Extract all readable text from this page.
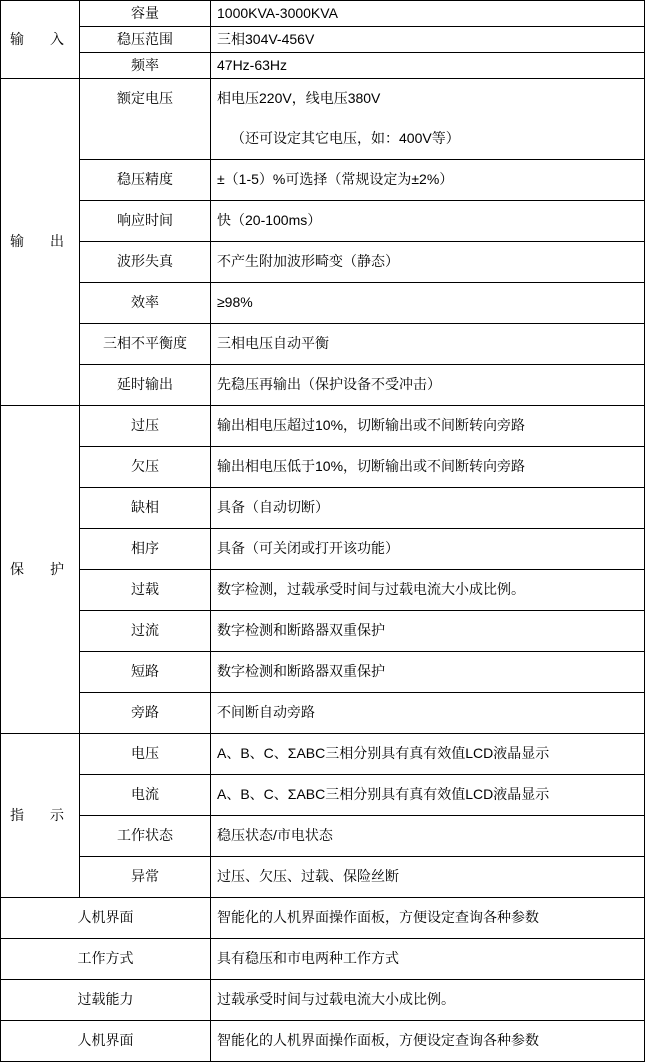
输　入	容量	1000KVA-3000KVA
	稳压范围	三相304V-456V
	频率	47Hz-63Hz
输　出	额定电压	相电压220V，线电压380V

		（还可设定其它电压，如：400V等）

	稳压精度	±（1-5）%可选择（常规设定为±2%）
	响应时间	快（20-100ms）
	波形失真	不产生附加波形畸变（静态）
	效率	≥98%
	三相不平衡度	三相电压自动平衡
	延时输出	先稳压再输出（保护设备不受冲击）
保　护	过压	输出相电压超过10%，切断输出或不间断转向旁路
	欠压	输出相电压低于10%，切断输出或不间断转向旁路
	缺相	具备（自动切断）
	相序	具备（可关闭或打开该功能）
	过载	数字检测，过载承受时间与过载电流大小成比例。
	过流	数字检测和断路器双重保护
	短路	数字检测和断路器双重保护
	旁路	不间断自动旁路
指　示	电压	A、B、C、ΣABC三相分别具有真有效值LCD液晶显示
	电流	A、B、C、ΣABC三相分别具有真有效值LCD液晶显示
	工作状态	稳压状态/市电状态
	异常	过压、欠压、过载、保险丝断
人机界面		智能化的人机界面操作面板，方便设定查询各种参数
工作方式		具有稳压和市电两种工作方式
过载能力		过载承受时间与过载电流大小成比例。
人机界面		智能化的人机界面操作面板，方便设定查询各种参数
